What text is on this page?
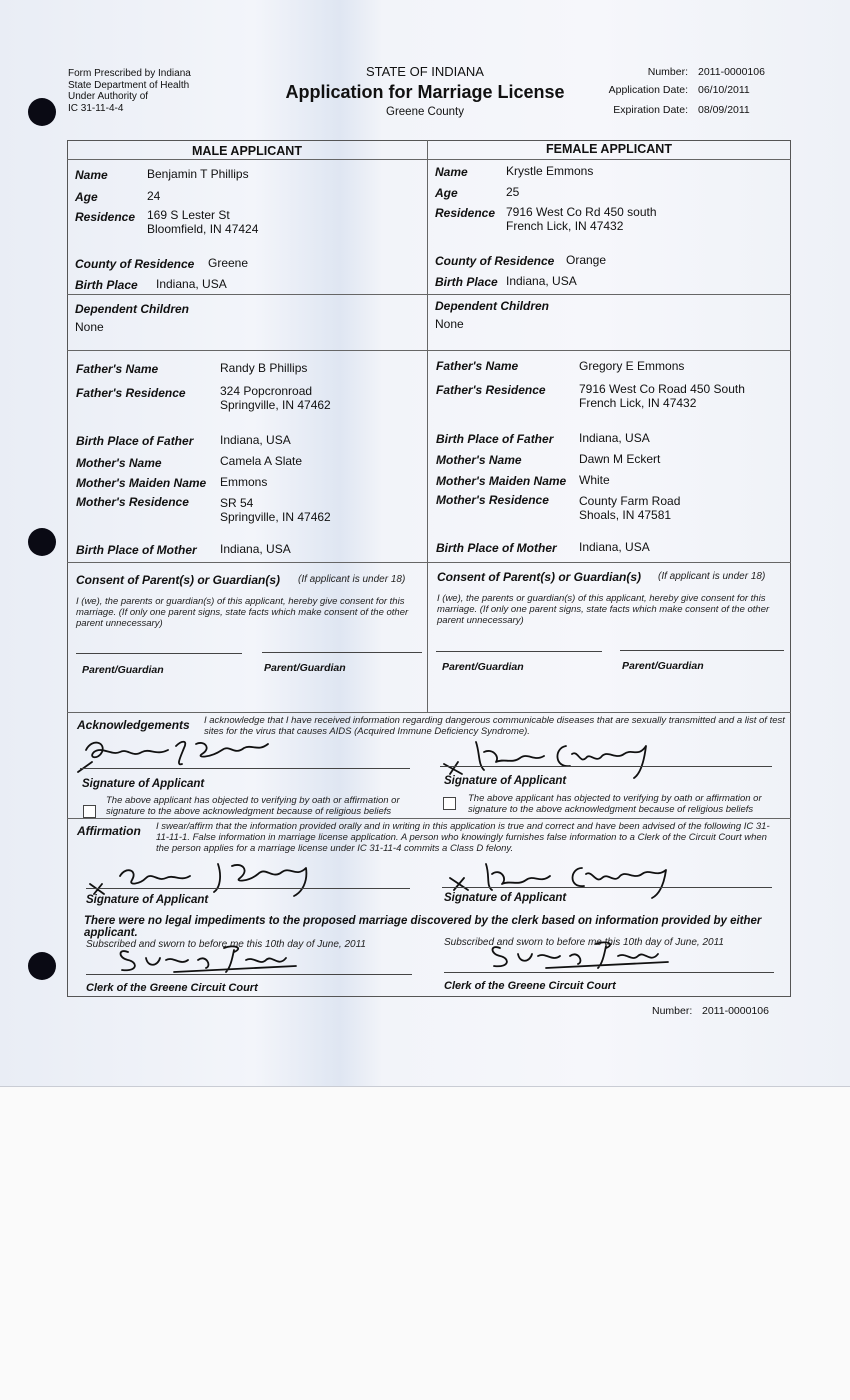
Form Prescribed by Indiana
State Department of Health
Under Authority of
IC 31-11-4-4
STATE OF INDIANA
Application for Marriage License
Greene County
Number: 2011-0000106
Application Date: 06/10/2011
Expiration Date: 08/09/2011
MALE APPLICANT	FEMALE APPLICANT
Name	Benjamin T Phillips
Age	24
Residence 169 S Lester St
Bloomfield, IN 47424
County of Residence Greene
Birth Place Indiana, USA
Dependent Children
None
Father's Name	Randy B Phillips
Father's Residence	324 Popcronroad
Springville, IN 47462
Birth Place of Father Indiana, USA
Mother's Name	Camela A Slate
Mother's Maiden Name Emmons
Mother's Residence	SR 54
Springville, IN 47462
Birth Place of Mother Indiana, USA
Name	Krystle Emmons
Age	25
Residence 7916 West Co Rd 450 south
French Lick, IN 47432
County of Residence Orange
Birth Place Indiana, USA
Dependent Children
None
Father's Name	Gregory E Emmons
Father's Residence	7916 West Co Road 450 South
French Lick, IN 47432
Birth Place of Father Indiana, USA
Mother's Name	Dawn M Eckert
Mother's Maiden Name White
Mother's Residence	County Farm Road
Shoals, IN 47581
Birth Place of Mother Indiana, USA
Consent of Parent(s) or Guardian(s) (If applicant is under 18)
I (we), the parents or guardian(s) of this applicant, hereby give consent for this marriage. (If only one parent signs, state facts which make consent of the other parent unnecessary)
Parent/Guardian	Parent/Guardian
Consent of Parent(s) or Guardian(s) (If applicant is under 18)
I (we), the parents or guardian(s) of this applicant, hereby give consent for this marriage. (If only one parent signs, state facts which make consent of the other parent unnecessary)
Parent/Guardian	Parent/Guardian
Acknowledgements I acknowledge that I have received information regarding dangerous communicable diseases that are sexually transmitted and a list of test sites for the virus that causes AIDS (Acquired Immune Deficiency Syndrome).
Signature of Applicant	Signature of Applicant
The above applicant has objected to verifying by oath or affirmation or signature to the above acknowledgment because of religious beliefs
The above applicant has objected to verifying by oath or affirmation or signature to the above acknowledgment because of religious beliefs
Affirmation I swear/affirm that the information provided orally and in writing in this application is true and correct and have been advised of the following IC 31-11-11-1. False information in marriage license application. A person who knowingly furnishes false information to a Clerk of the Circuit Court when the person applies for a marriage license under IC 31-11-4 commits a Class D felony.
Signature of Applicant	Signature of Applicant
There were no legal impediments to the proposed marriage discovered by the clerk based on information provided by either applicant.
Subscribed and sworn to before me this 10th day of June, 2011	Subscribed and sworn to before me this 10th day of June, 2011
Clerk of the Greene Circuit Court	Clerk of the Greene Circuit Court
Number: 2011-0000106
